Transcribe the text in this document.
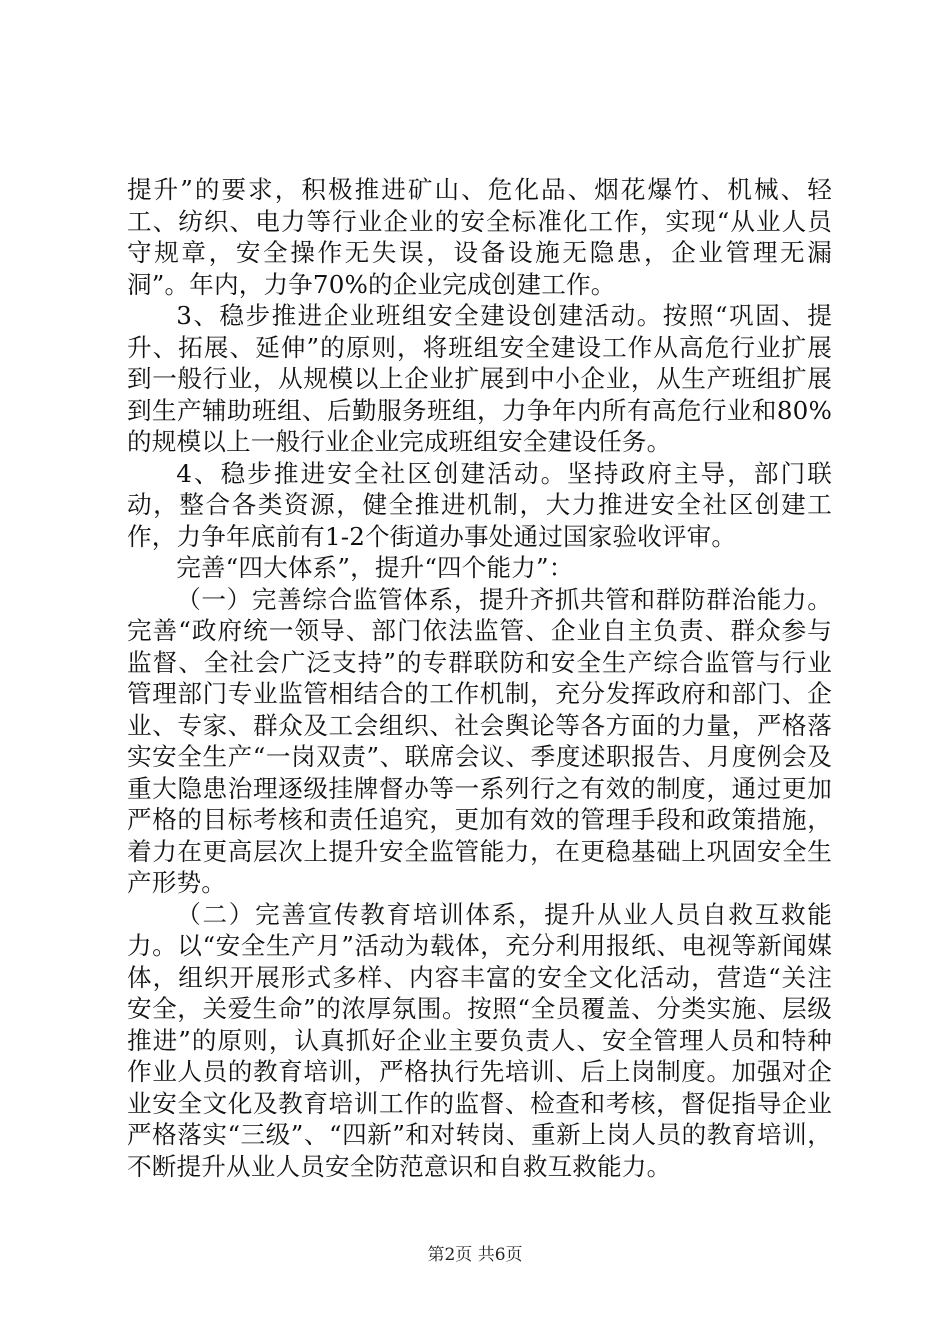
提升”的要求，积极推进矿山、危化品、烟花爆竹、机械、轻工、纺织、电力等行业企业的安全标准化工作，实现“从业人员守规章，安全操作无失误，设备设施无隐患，企业管理无漏洞”。年内，力争70%的企业完成创建工作。

3、稳步推进企业班组安全建设创建活动。按照“巩固、提升、拓展、延伸”的原则，将班组安全建设工作从高危行业扩展到一般行业，从规模以上企业扩展到中小企业，从生产班组扩展到生产辅助班组、后勤服务班组，力争年内所有高危行业和80%的规模以上一般行业企业完成班组安全建设任务。

4、稳步推进安全社区创建活动。坚持政府主导，部门联动，整合各类资源，健全推进机制，大力推进安全社区创建工作，力争年底前有1-2个街道办事处通过国家验收评审。

完善“四大体系”，提升“四个能力”：

（一）完善综合监管体系，提升齐抓共管和群防群治能力。完善“政府统一领导、部门依法监管、企业自主负责、群众参与监督、全社会广泛支持”的专群联防和安全生产综合监管与行业管理部门专业监管相结合的工作机制，充分发挥政府和部门、企业、专家、群众及工会组织、社会舆论等各方面的力量，严格落实安全生产“一岗双责”、联席会议、季度述职报告、月度例会及重大隐患治理逐级挂牌督办等一系列行之有效的制度，通过更加严格的目标考核和责任追究，更加有效的管理手段和政策措施，着力在更高层次上提升安全监管能力，在更稳基础上巩固安全生产形势。

（二）完善宣传教育培训体系，提升从业人员自救互救能力。以“安全生产月”活动为载体，充分利用报纸、电视等新闻媒体，组织开展形式多样、内容丰富的安全文化活动，营造“关注安全，关爱生命”的浓厚氛围。按照“全员覆盖、分类实施、层级推进”的原则，认真抓好企业主要负责人、安全管理人员和特种作业人员的教育培训，严格执行先培训、后上岗制度。加强对企业安全文化及教育培训工作的监督、检查和考核，督促指导企业严格落实“三级”、“四新”和对转岗、重新上岗人员的教育培训，不断提升从业人员安全防范意识和自救互救能力。

第2页 共6页
